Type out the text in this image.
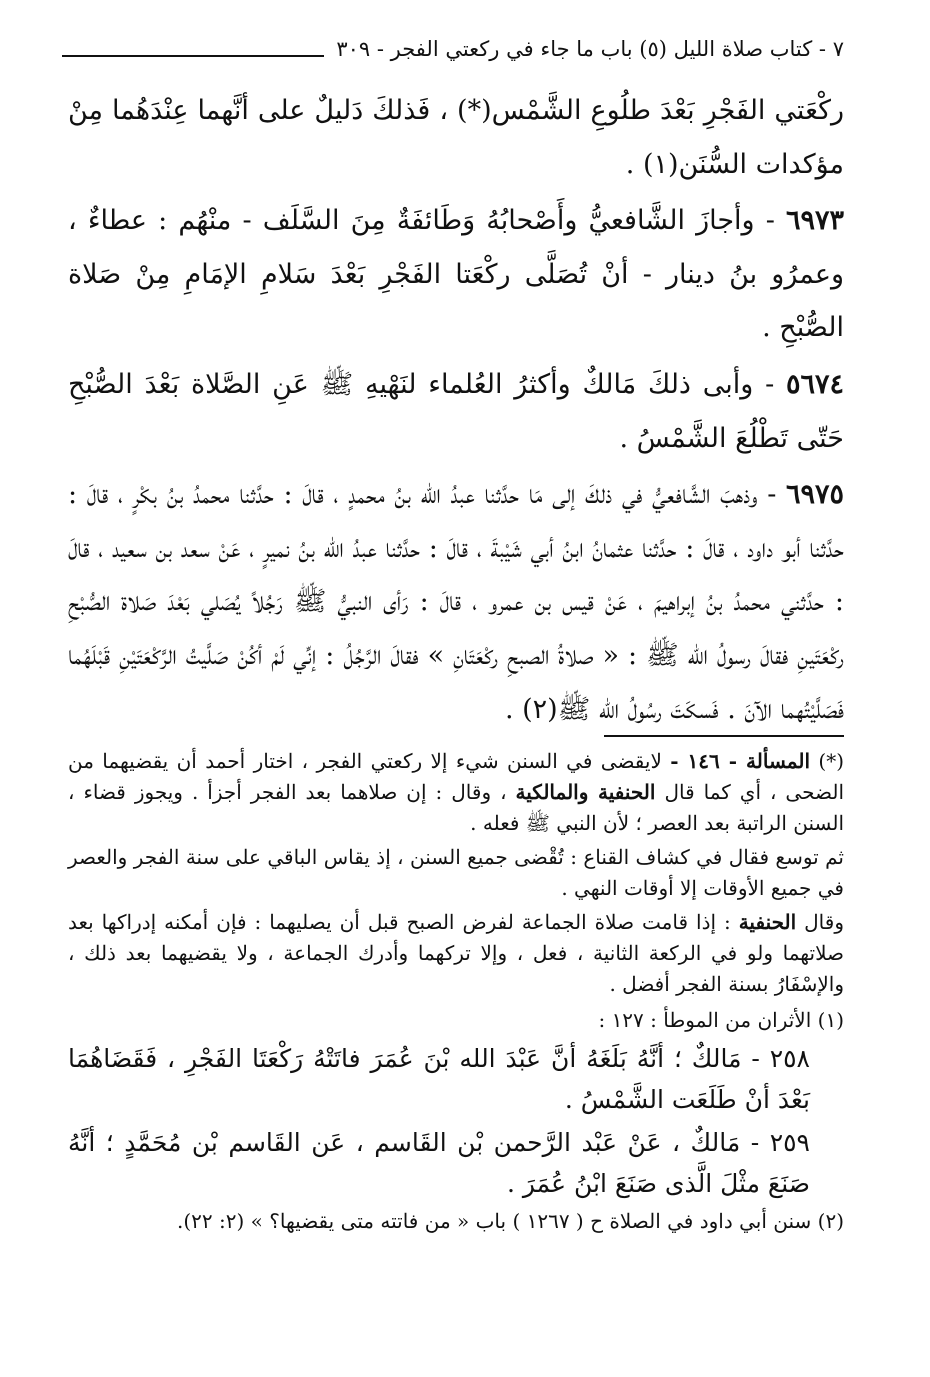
٧ - كتاب صلاة الليل (٥) باب ما جاء في ركعتي الفجر - ٣٠٩

ركْعَتي الفَجْرِ بَعْدَ طلُوعِ الشَّمْس(*) ، فَذلكَ دَليلٌ على أنَّهما عِنْدَهُما مِنْ مؤكدات السُّنَن(١) .

٦٩٧٣ - وأجازَ الشَّافعيُّ وأَصْحابُهُ وَطَائفَةٌ مِنَ السَّلَف - منْهُم : عطاءٌ ، وعمرُو بنُ دينار - أنْ تُصَلَّى ركْعَتا الفَجْرِ بَعْدَ سَلامِ الإمَامِ مِنْ صَلاة الصُّبْحِ .

٥٦٧٤ - وأبى ذلكَ مَالكٌ وأكثرُ العُلماء لنَهْيهِ ﷺ عَنِ الصَّلاة بَعْدَ الصُّبْحِ حَتّى تَطْلُعَ الشَّمْسُ .

٦٩٧٥ - وذهبَ الشَّافعيُّ في ذلكَ إلى مَا حدَّثنا عبدُ الله بنُ محمدٍ ، قالَ : حدَّثنا محمدُ بنُ بكْرٍ ، قالَ : حدَّثنا أبو داود ، قالَ : حدَّثنا عثمانُ ابنُ أبي شَيْبةَ ، قالَ : حدَّثنا عبدُ الله بنُ نميرٍ ، عَنْ سعد بن سعيد ، قالَ : حدَّثني محمدُ بنُ إبراهيمَ ، عَنْ قيس بن عمرو ، قالَ : رَأى النبيُّ ﷺ رَجُلاً يُصَلي بَعْدَ صَلاة الصُّبْحِ ركْعَتَينِ فقالَ رسولُ الله ﷺ : « صلاةُ الصبحِ ركْعَتَانِ » فقالَ الرَّجُلُ : إنِّي لَمْ أكُنْ صَلَّيتُ الرَّكْعَتَيْنِ قَبْلَهُما فَصَلَّيْتُهما الآنَ . فَسكَتَ رسُولُ الله ﷺ(٢) .

(*) المسألة - ١٤٦ - لايقضى في السنن شيء إلا ركعتي الفجر ، اختار أحمد أن يقضيهما من الضحى ، أي كما قال الحنفية والمالكية ، وقال : إن صلاهما بعد الفجر أجزأ . ويجوز قضاء ، السنن الراتبة بعد العصر ؛ لأن النبي ﷺ فعله .

ثم توسع فقال في كشاف القناع : تُقْضى جميع السنن ، إذ يقاس الباقي على سنة الفجر والعصر في جميع الأوقات إلا أوقات النهي .

وقال الحنفية : إذا قامت صلاة الجماعة لفرض الصبح قبل أن يصليهما : فإن أمكنه إدراكها بعد صلاتهما ولو في الركعة الثانية ، فعل ، وإلا تركهما وأدرك الجماعة ، ولا يقضيهما بعد ذلك ، والإسْفَارُ بسنة الفجر أفضل .

(١) الأثران من الموطأ : ١٢٧ :

٢٥٨ - مَالكٌ ؛ أنَّهُ بَلَغَهُ أنَّ عَبْدَ الله بْنَ عُمَرَ فاتَتْهُ رَكْعَتَا الفَجْرِ ، فَقَضَاهُمَا بَعْدَ أنْ طَلَعَت الشَّمْسُ .

٢٥٩ - مَالكٌ ، عَنْ عَبْد الرَّحمن بْن القَاسم ، عَن القَاسم بْن مُحَمَّدٍ ؛ أنَّهُ صَنَعَ مثْلَ الَّذى صَنَعَ ابْنُ عُمَرَ .

(٢) سنن أبي داود في الصلاة ح ( ١٢٦٧ ) باب « من فاتته متى يقضيها؟ » (٢: ٢٢).
